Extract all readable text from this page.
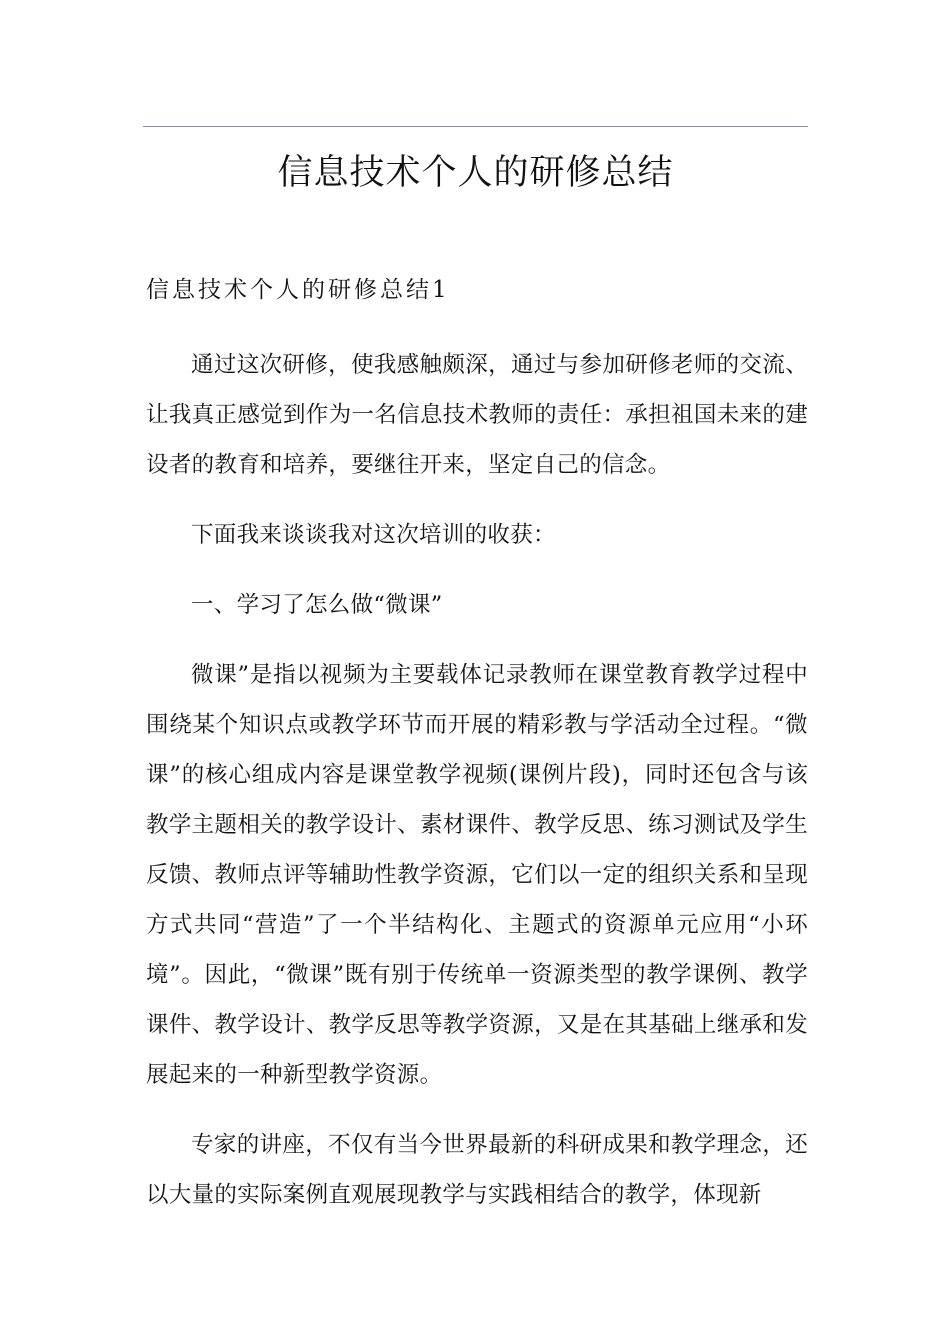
信息技术个人的研修总结
信息技术个人的研修总结1

通过这次研修，使我感触颇深，通过与参加研修老师的交流、让我真正感觉到作为一名信息技术教师的责任：承担祖国未来的建设者的教育和培养，要继往开来，坚定自己的信念。

下面我来谈谈我对这次培训的收获：

一、学习了怎么做“微课”

微课”是指以视频为主要载体记录教师在课堂教育教学过程中围绕某个知识点或教学环节而开展的精彩教与学活动全过程。“微课”的核心组成内容是课堂教学视频(课例片段)，同时还包含与该教学主题相关的教学设计、素材课件、教学反思、练习测试及学生反馈、教师点评等辅助性教学资源，它们以一定的组织关系和呈现方式共同“营造”了一个半结构化、主题式的资源单元应用“小环境”。因此，“微课”既有别于传统单一资源类型的教学课例、教学课件、教学设计、教学反思等教学资源，又是在其基础上继承和发展起来的一种新型教学资源。

专家的讲座，不仅有当今世界最新的科研成果和教学理念，还以大量的实际案例直观展现教学与实践相结合的教学，体现新
